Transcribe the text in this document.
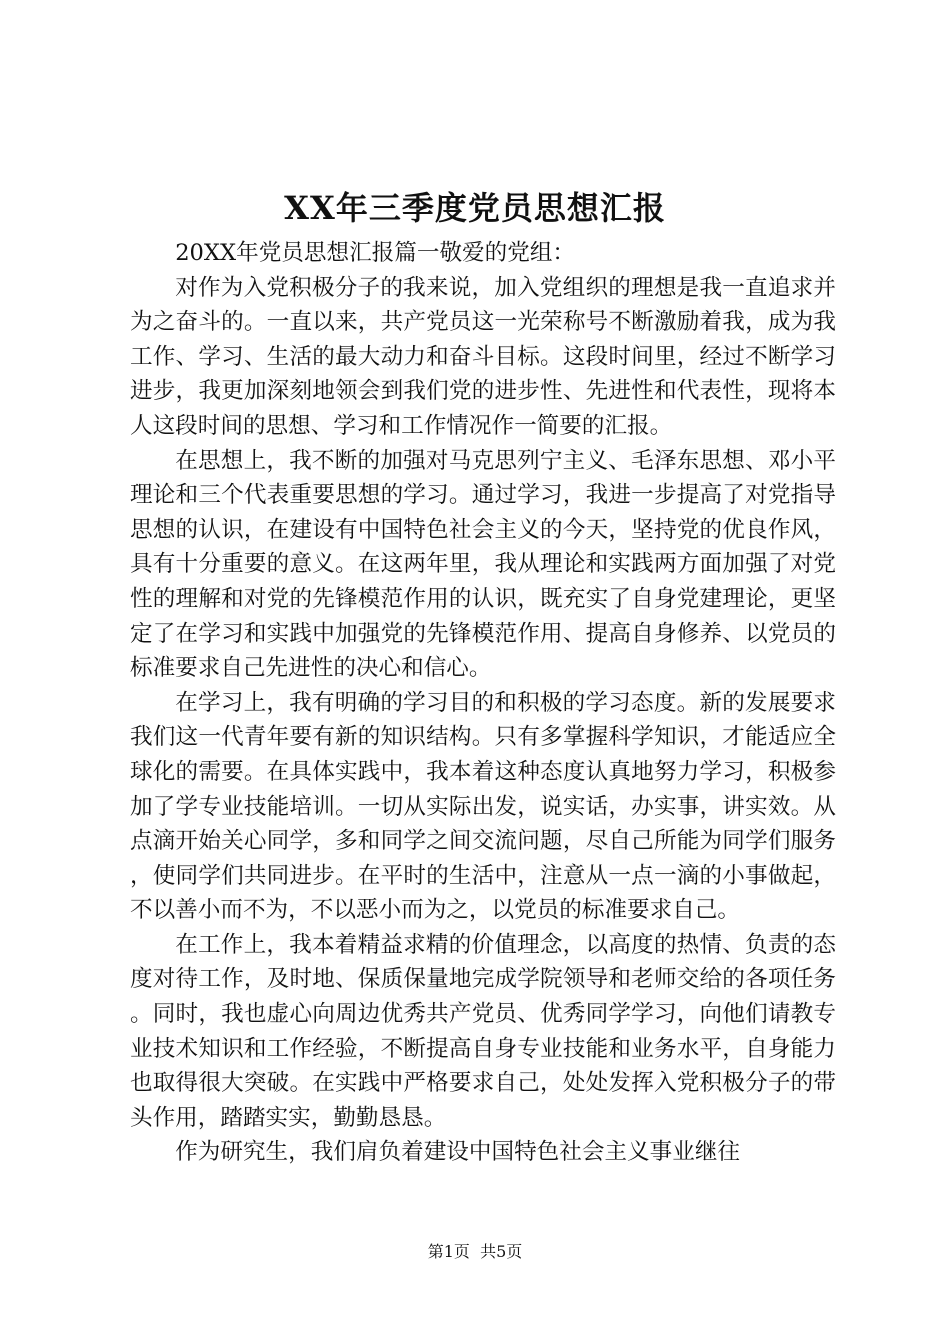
XX年三季度党员思想汇报

20XX年党员思想汇报篇一敬爱的党组：

对作为入党积极分子的我来说，加入党组织的理想是我一直追求并为之奋斗的。一直以来，共产党员这一光荣称号不断激励着我，成为我工作、学习、生活的最大动力和奋斗目标。这段时间里，经过不断学习进步，我更加深刻地领会到我们党的进步性、先进性和代表性，现将本人这段时间的思想、学习和工作情况作一简要的汇报。

在思想上，我不断的加强对马克思列宁主义、毛泽东思想、邓小平理论和三个代表重要思想的学习。通过学习，我进一步提高了对党指导思想的认识，在建设有中国特色社会主义的今天，坚持党的优良作风，具有十分重要的意义。在这两年里，我从理论和实践两方面加强了对党性的理解和对党的先锋模范作用的认识，既充实了自身党建理论，更坚定了在学习和实践中加强党的先锋模范作用、提高自身修养、以党员的标准要求自己先进性的决心和信心。

在学习上，我有明确的学习目的和积极的学习态度。新的发展要求我们这一代青年要有新的知识结构。只有多掌握科学知识，才能适应全球化的需要。在具体实践中，我本着这种态度认真地努力学习，积极参加了学专业技能培训。一切从实际出发，说实话，办实事，讲实效。从点滴开始关心同学，多和同学之间交流问题，尽自己所能为同学们服务，使同学们共同进步。在平时的生活中，注意从一点一滴的小事做起，不以善小而不为，不以恶小而为之，以党员的标准要求自己。

在工作上，我本着精益求精的价值理念，以高度的热情、负责的态度对待工作，及时地、保质保量地完成学院领导和老师交给的各项任务。同时，我也虚心向周边优秀共产党员、优秀同学学习，向他们请教专业技术知识和工作经验，不断提高自身专业技能和业务水平，自身能力也取得很大突破。在实践中严格要求自己，处处发挥入党积极分子的带头作用，踏踏实实，勤勤恳恳。

作为研究生，我们肩负着建设中国特色社会主义事业继往

第1页  共5页
